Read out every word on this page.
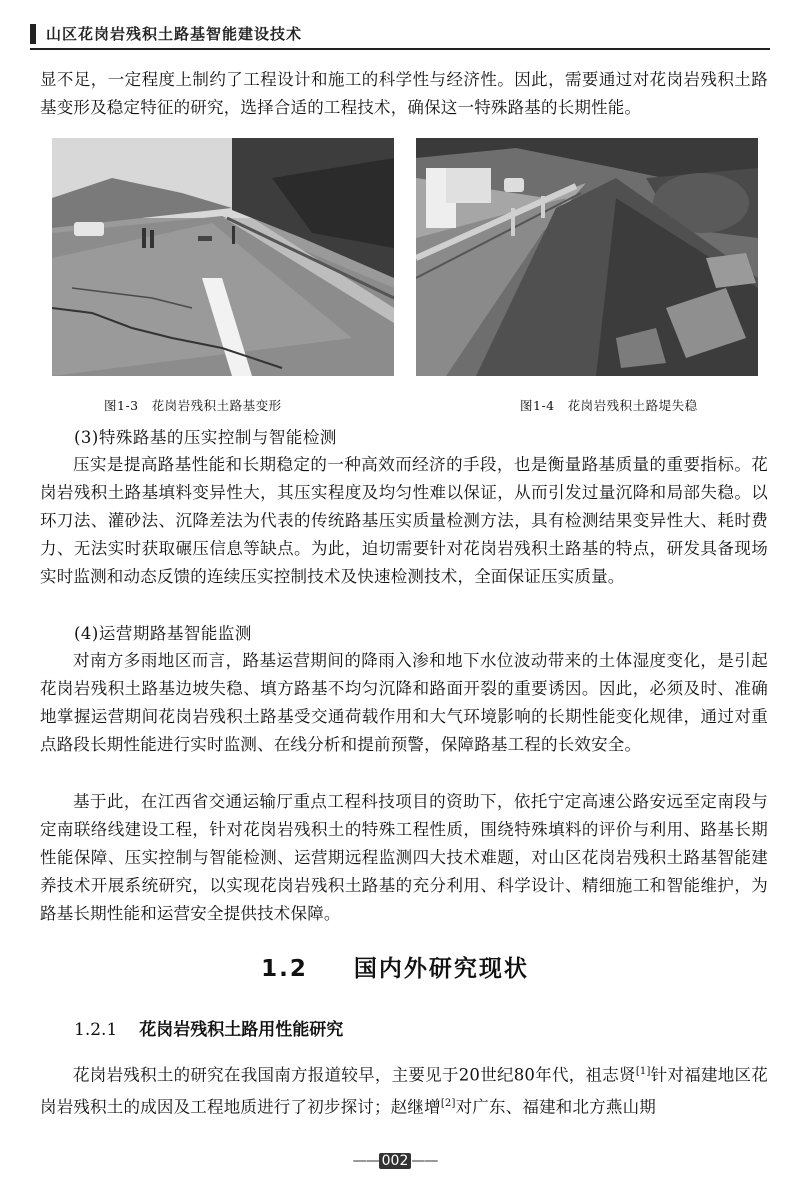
山区花岗岩残积土路基智能建设技术

显不足，一定程度上制约了工程设计和施工的科学性与经济性。因此，需要通过对花岗岩残积土路基变形及稳定特征的研究，选择合适的工程技术，确保这一特殊路基的长期性能。

图1-3　花岗岩残积土路基变形	图1-4　花岗岩残积土路堤失稳
(3)特殊路基的压实控制与智能检测

压实是提高路基性能和长期稳定的一种高效而经济的手段，也是衡量路基质量的重要指标。花岗岩残积土路基填料变异性大，其压实程度及均匀性难以保证，从而引发过量沉降和局部失稳。以环刀法、灌砂法、沉降差法为代表的传统路基压实质量检测方法，具有检测结果变异性大、耗时费力、无法实时获取碾压信息等缺点。为此，迫切需要针对花岗岩残积土路基的特点，研发具备现场实时监测和动态反馈的连续压实控制技术及快速检测技术，全面保证压实质量。

(4)运营期路基智能监测

对南方多雨地区而言，路基运营期间的降雨入渗和地下水位波动带来的土体湿度变化，是引起花岗岩残积土路基边坡失稳、填方路基不均匀沉降和路面开裂的重要诱因。因此，必须及时、准确地掌握运营期间花岗岩残积土路基受交通荷载作用和大气环境影响的长期性能变化规律，通过对重点路段长期性能进行实时监测、在线分析和提前预警，保障路基工程的长效安全。

基于此，在江西省交通运输厅重点工程科技项目的资助下，依托宁定高速公路安远至定南段与定南联络线建设工程，针对花岗岩残积土的特殊工程性质，围绕特殊填料的评价与利用、路基长期性能保障、压实控制与智能检测、运营期远程监测四大技术难题，对山区花岗岩残积土路基智能建养技术开展系统研究，以实现花岗岩残积土路基的充分利用、科学设计、精细施工和智能维护，为路基长期性能和运营安全提供技术保障。

1.2 国内外研究现状
1.2.1 花岗岩残积土路用性能研究

花岗岩残积土的研究在我国南方报道较早，主要见于20世纪80年代，祖志贤[1]针对福建地区花岗岩残积土的成因及工程地质进行了初步探讨；赵继增[2]对广东、福建和北方燕山期

—— 002 ——
